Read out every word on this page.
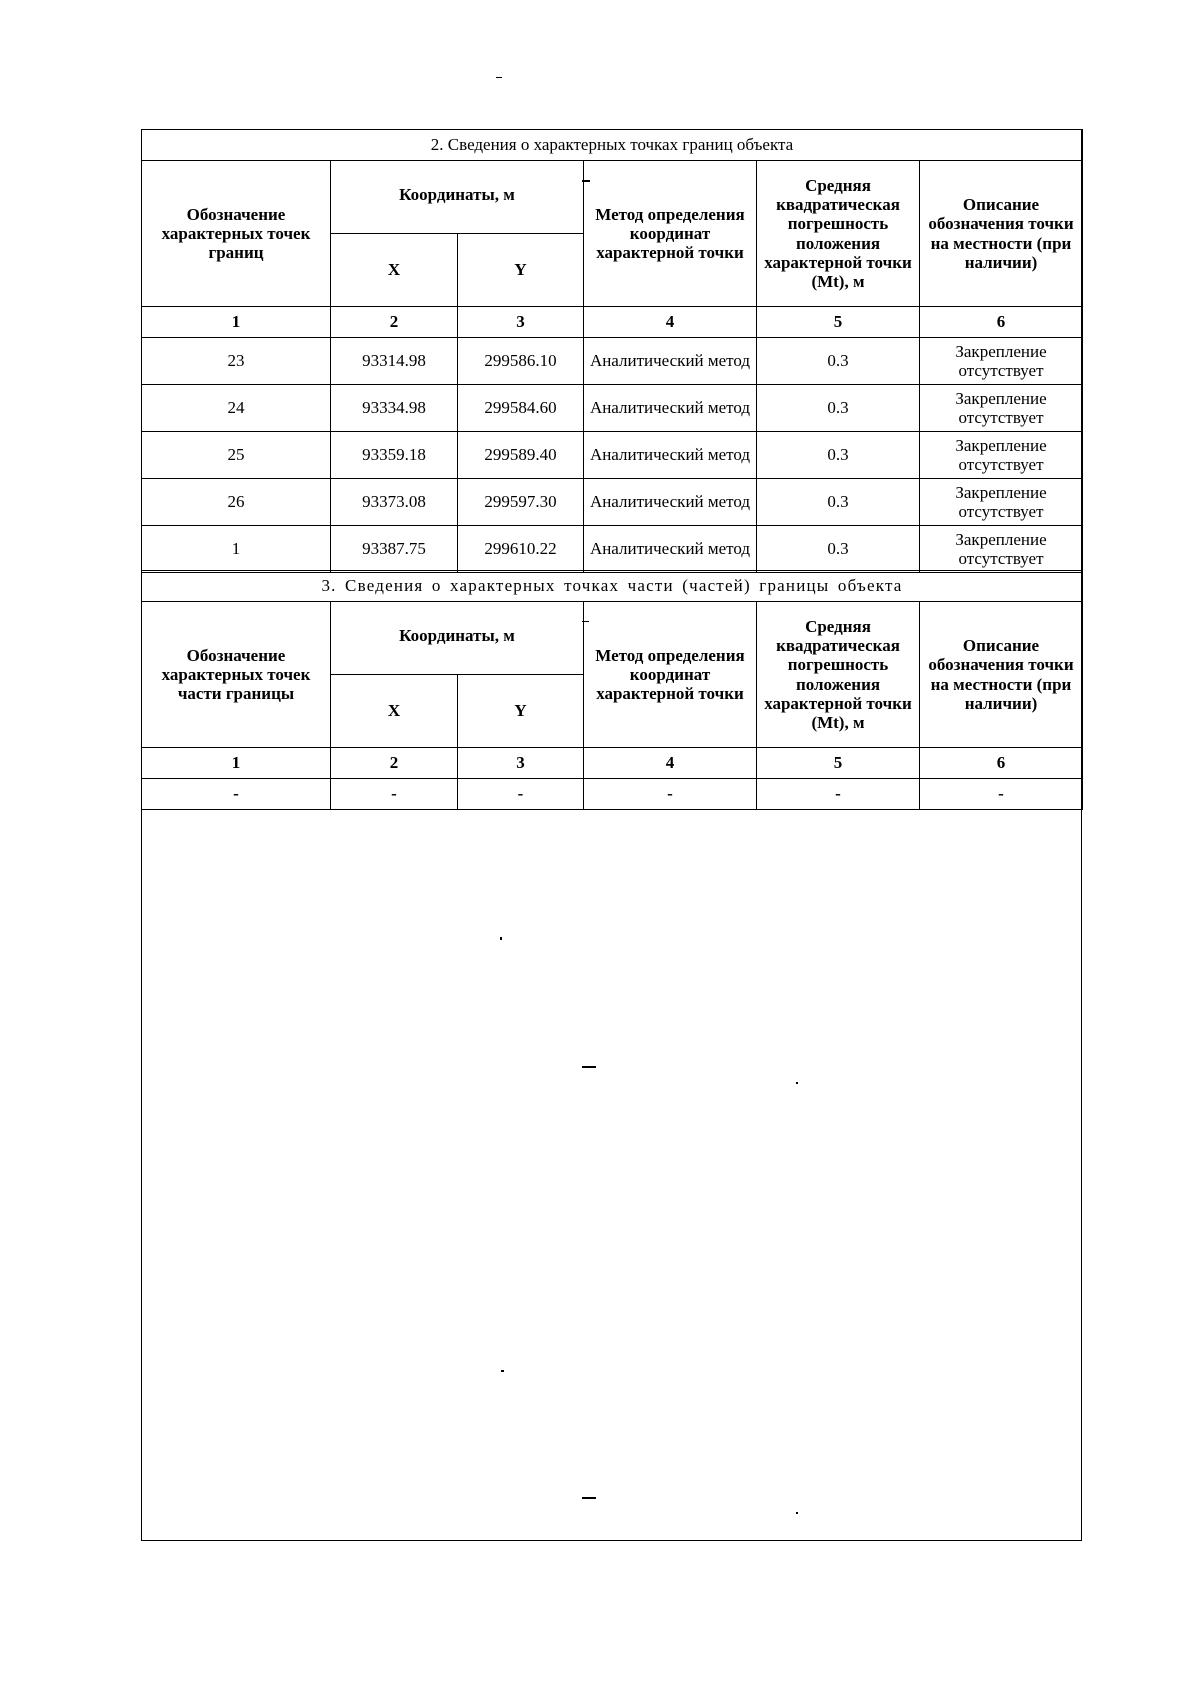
2. Сведения о характерных точках границ объекта					
Обозначение характерных точек границ	Координаты, м		Метод определения координат характерной точки	Средняя квадратическая погрешность положения характерной точки (Mt), м	Описание обозначения точки на местности (при наличии)
	X	Y			
1	2	3	4	5	6
23	93314.98	299586.10	Аналитический метод	0.3	Закрепление отсутствует
24	93334.98	299584.60	Аналитический метод	0.3	Закрепление отсутствует
25	93359.18	299589.40	Аналитический метод	0.3	Закрепление отсутствует
26	93373.08	299597.30	Аналитический метод	0.3	Закрепление отсутствует
1	93387.75	299610.22	Аналитический метод	0.3	Закрепление отсутствует
3. Сведения о характерных точках части (частей) границы объекта					
Обозначение характерных точек части границы	Координаты, м		Метод определения координат характерной точки	Средняя квадратическая погрешность положения характерной точки (Mt), м	Описание обозначения точки на местности (при наличии)
	X	Y			
1	2	3	4	5	6
-	-	-	-	-	-
